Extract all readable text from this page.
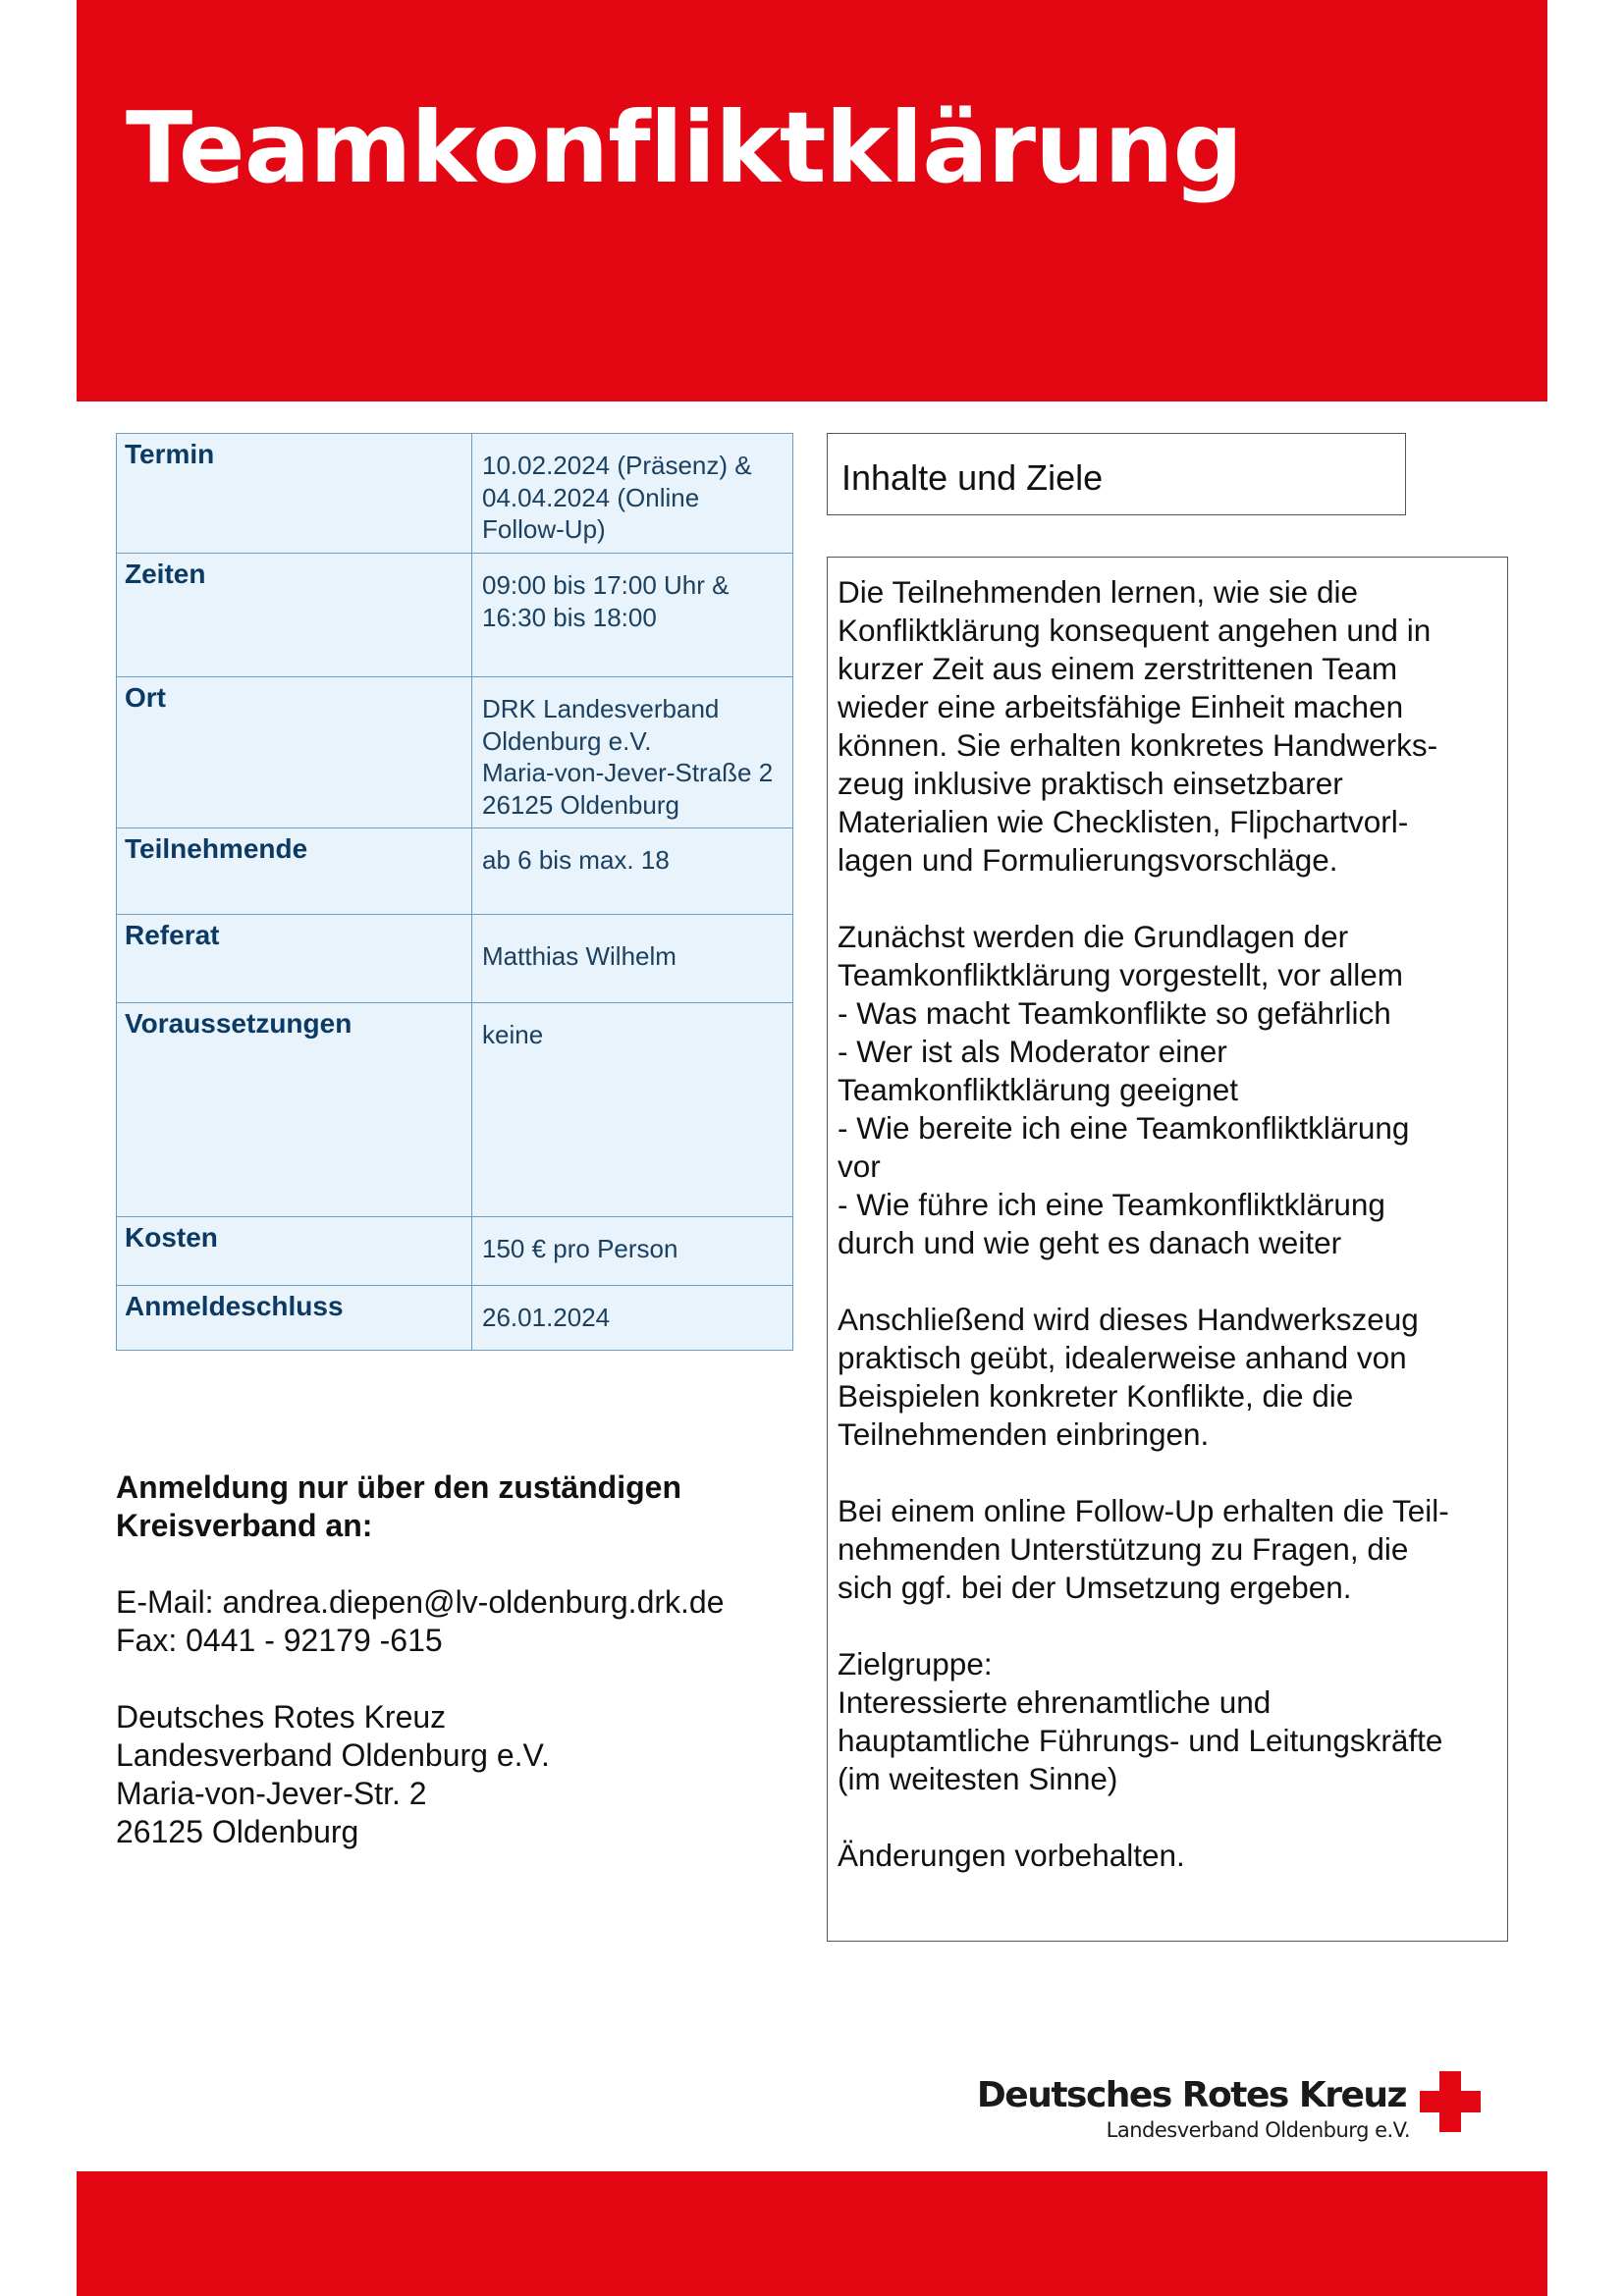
Teamkonfliktklärung
Termin	10.02.2024 (Präsenz) &
04.04.2024 (Online
Follow-Up)
Zeiten	09:00 bis 17:00 Uhr &
16:30 bis 18:00
Ort	DRK Landesverband
Oldenburg e.V.
Maria-von-Jever-Straße 2
26125 Oldenburg
Teilnehmende	ab 6 bis max. 18
Referat	Matthias Wilhelm
Voraussetzungen	keine
Kosten	150 € pro Person
Anmeldeschluss	26.01.2024
Anmeldung nur über den zuständigen
Kreisverband an:
E-Mail: andrea.diepen@lv-oldenburg.drk.de
Fax: 0441 - 92179 -615
Deutsches Rotes Kreuz
Landesverband Oldenburg e.V.
Maria-von-Jever-Str. 2
26125 Oldenburg
Inhalte und Ziele

Die Teilnehmenden lernen, wie sie die
Konfliktklärung konsequent angehen und in
kurzer Zeit aus einem zerstrittenen Team
wieder eine arbeitsfähige Einheit machen
können. Sie erhalten konkretes Handwerks-
zeug inklusive praktisch einsetzbarer
Materialien wie Checklisten, Flipchartvorl-
lagen und Formulierungsvorschläge.

Zunächst werden die Grundlagen der
Teamkonfliktklärung vorgestellt, vor allem
- Was macht Teamkonflikte so gefährlich
- Wer ist als Moderator einer
Teamkonfliktklärung geeignet
- Wie bereite ich eine Teamkonfliktklärung
vor
- Wie führe ich eine Teamkonfliktklärung
durch und wie geht es danach weiter

Anschließend wird dieses Handwerkszeug
praktisch geübt, idealerweise anhand von
Beispielen konkreter Konflikte, die die
Teilnehmenden einbringen.

Bei einem online Follow-Up erhalten die Teil-
nehmenden Unterstützung zu Fragen, die
sich ggf. bei der Umsetzung ergeben.

Zielgruppe:
Interessierte ehrenamtliche und
hauptamtliche Führungs- und Leitungskräfte
(im weitesten Sinne)

Änderungen vorbehalten.

Deutsches Rotes Kreuz
Landesverband Oldenburg e.V.
